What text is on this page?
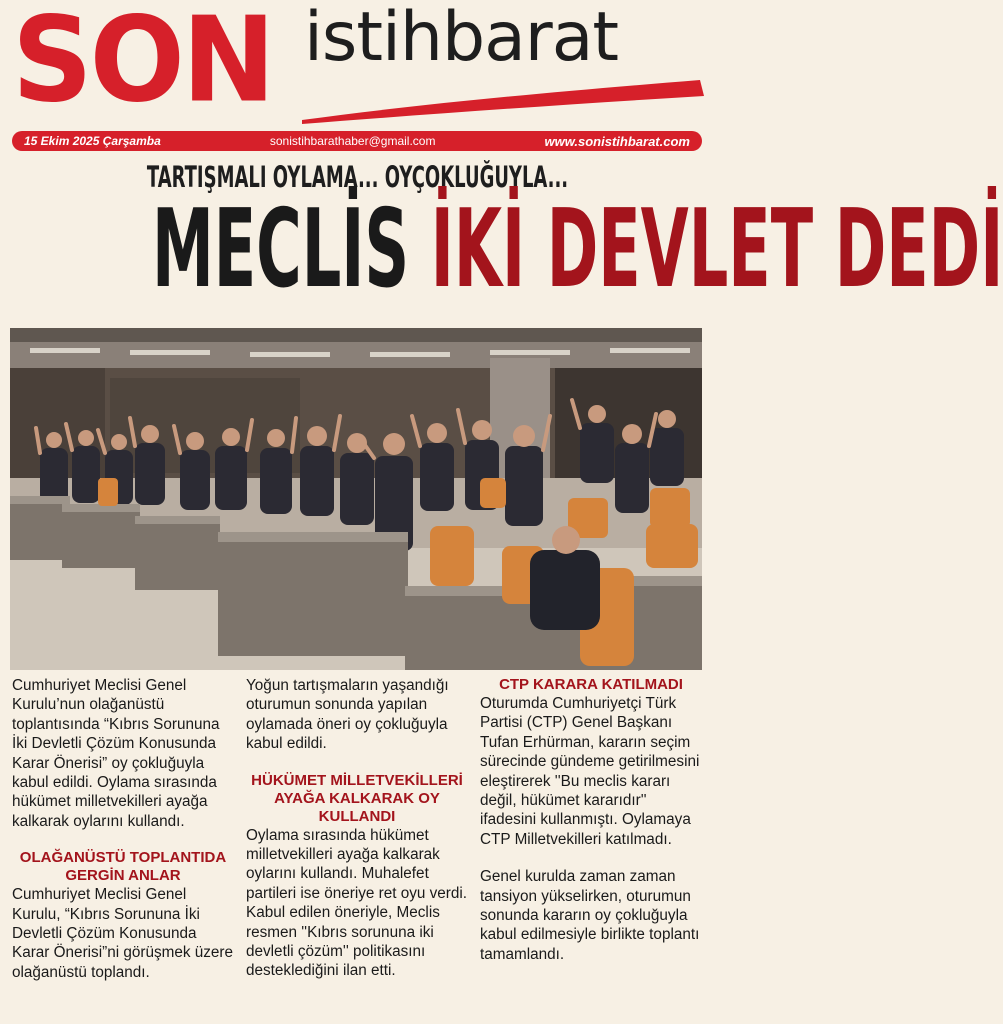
SON istihbarat
15 Ekim 2025 Çarşamba	sonistihbarathaber@gmail.com	www.sonistihbarat.com
TARTIŞMALI OYLAMA... OYÇOKLUĞUYLA...
MECLİS İKİ DEVLET DEDİ

Cumhuriyet Meclisi Genel Kurulu’nun olağanüstü toplantısında “Kıbrıs Sorununa İki Devletli Çözüm Konusunda Karar Önerisi” oy çokluğuyla kabul edildi. Oylama sırasında hükümet milletvekilleri ayağa kalkarak oylarını kullandı.

OLAĞANÜSTÜ TOPLANTIDA GERGİN ANLAR

Cumhuriyet Meclisi Genel Kurulu, “Kıbrıs Sorununa İki Devletli Çözüm Konusunda Karar Önerisi”ni görüşmek üzere olağanüstü toplandı.

Yoğun tartışmaların yaşandığı oturumun sonunda yapılan oylamada öneri oy çokluğuyla kabul edildi.

HÜKÜMET MİLLETVEKİLLERİ AYAĞA KALKARAK OY KULLANDI

Oylama sırasında hükümet milletvekilleri ayağa kalkarak oylarını kullandı. Muhalefet partileri ise öneriye ret oyu verdi.

Kabul edilen öneriyle, Meclis resmen ''Kıbrıs sorununa iki devletli çözüm'' politikasını desteklediğini ilan etti.

CTP KARARA KATILMADI

Oturumda Cumhuriyetçi Türk Partisi (CTP) Genel Başkanı Tufan Erhürman, kararın seçim sürecinde gündeme getirilmesini eleştirerek ''Bu meclis kararı değil, hükümet kararıdır'' ifadesini kullanmıştı. Oylamaya CTP Milletvekilleri katılmadı.

Genel kurulda zaman zaman tansiyon yükselirken, oturumun sonunda kararın oy çokluğuyla kabul edilmesiyle birlikte toplantı tamamlandı.
